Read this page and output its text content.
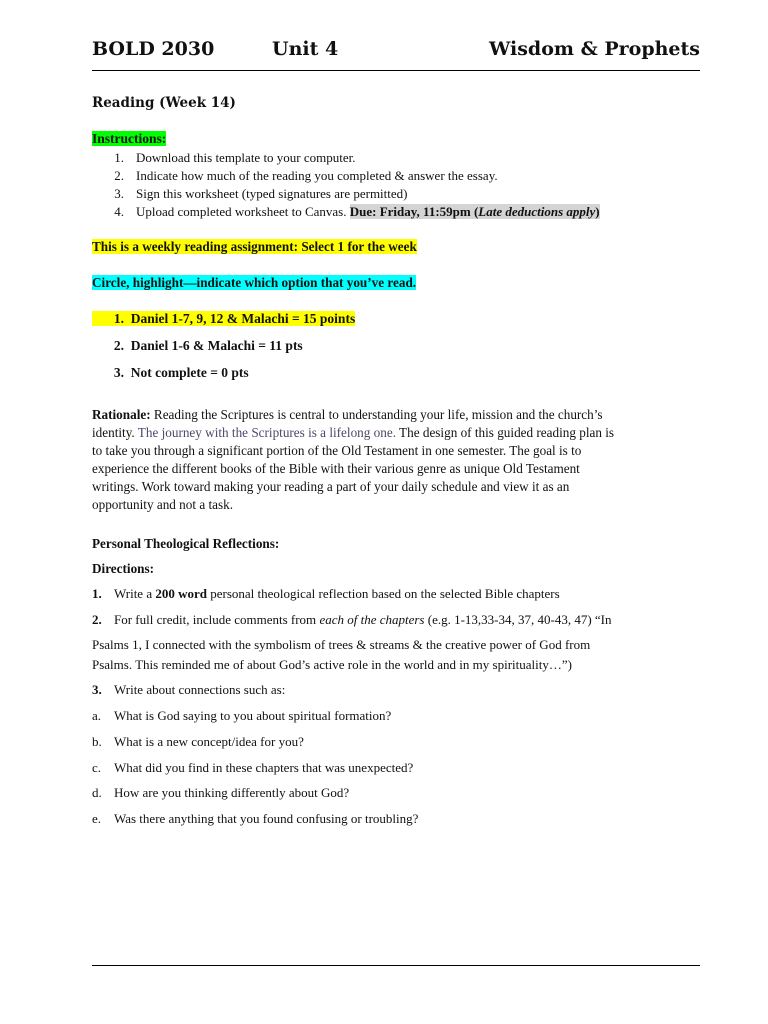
BOLD 2030	Unit 4	Wisdom & Prophets
Reading (Week 14)
Instructions:
1. Download this template to your computer.
2. Indicate how much of the reading you completed & answer the essay.
3. Sign this worksheet (typed signatures are permitted)
4. Upload completed worksheet to Canvas. Due: Friday, 11:59pm (Late deductions apply)
This is a weekly reading assignment: Select 1 for the week
Circle, highlight—indicate which option that you’ve read.
1. Daniel 1-7, 9, 12 & Malachi = 15 points
2. Daniel 1-6 & Malachi = 11 pts
3. Not complete = 0 pts
Rationale: Reading the Scriptures is central to understanding your life, mission and the church’s
identity. The journey with the Scriptures is a lifelong one. The design of this guided reading plan is
to take you through a significant portion of the Old Testament in one semester. The goal is to
experience the different books of the Bible with their various genre as unique Old Testament
writings. Work toward making your reading a part of your daily schedule and view it as an
opportunity and not a task.
Personal Theological Reflections:
Directions:
1. Write a 200 word personal theological reflection based on the selected Bible chapters
2. For full credit, include comments from each of the chapters (e.g. 1-13,33-34, 37, 40-43, 47) “In
Psalms 1, I connected with the symbolism of trees & streams & the creative power of God from
Psalms. This reminded me of about God’s active role in the world and in my spirituality…”)
3. Write about connections such as:
a. What is God saying to you about spiritual formation?
b. What is a new concept/idea for you?
c. What did you find in these chapters that was unexpected?
d. How are you thinking differently about God?
e. Was there anything that you found confusing or troubling?
